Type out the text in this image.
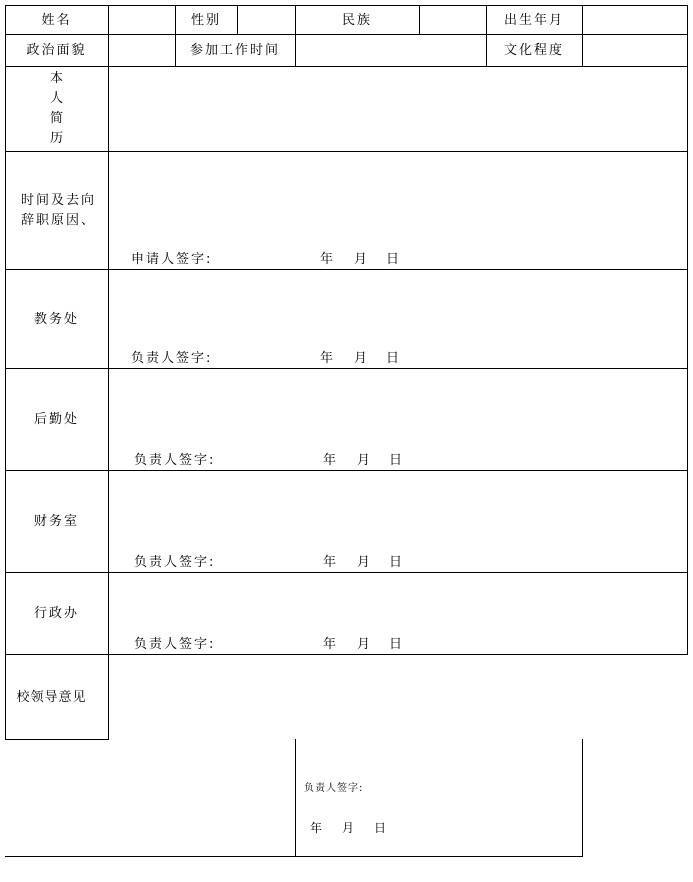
姓名	性别	民族	出生年月
政治面貌	参加工作时间	文化程度
本
人
简
历
时间及去向
辞职原因、
申请人签字:	年 月 日
教务处
负责人签字:	年 月 日
后勤处
负责人签字:	年 月 日
财务室
负责人签字:	年 月 日
行政办
负责人签字:	年 月 日
校领导意见
负责人签字:
年 月 日
